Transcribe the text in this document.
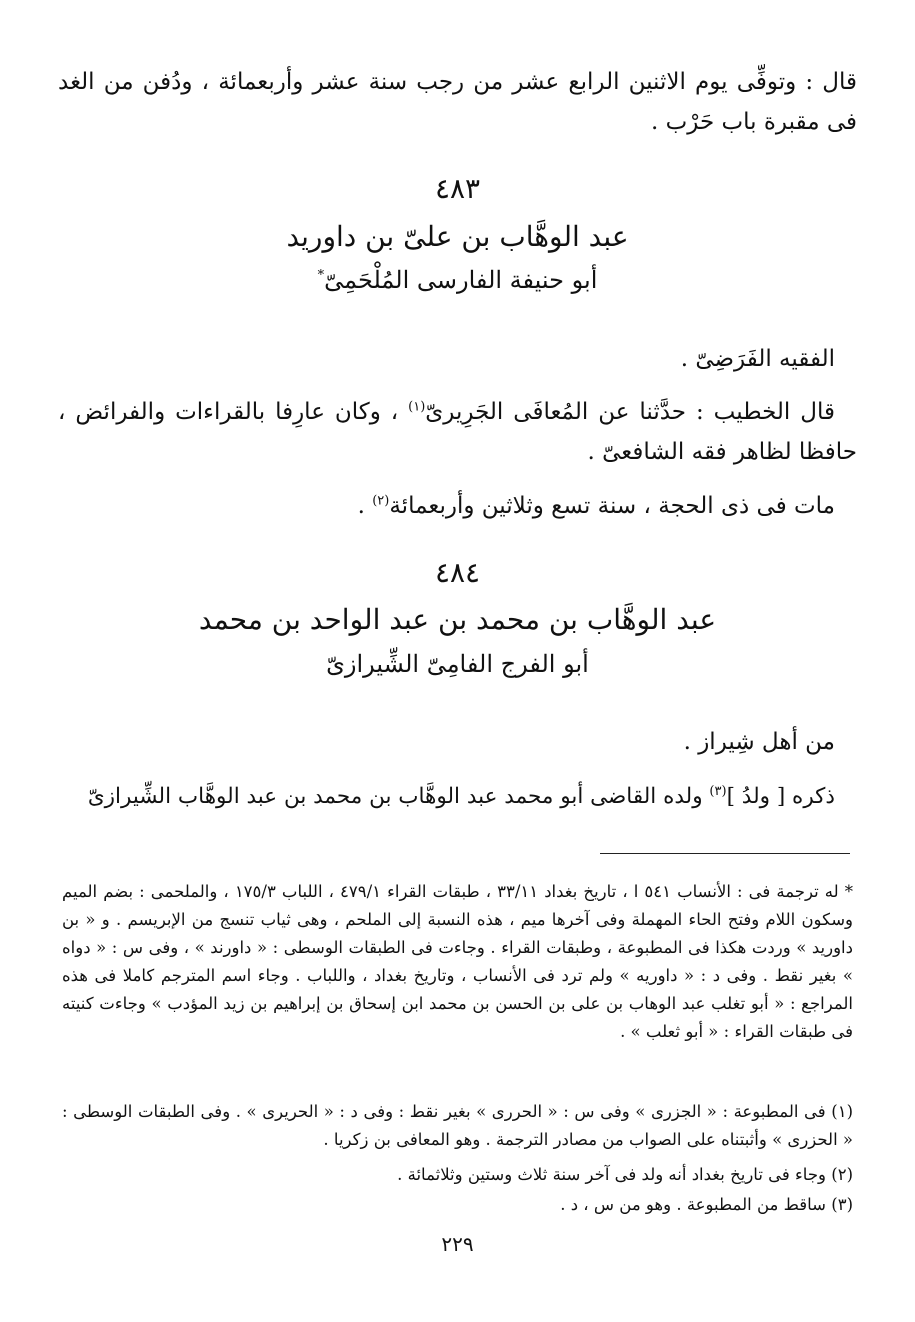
قال : وتوفِّى يوم الاثنين الرابع عشر من رجب سنة عشر وأربعمائة ، ودُفن من الغد فى مقبرة باب حَرْب .

٤٨٣
عبد الوهَّاب بن علىّ بن داوريد
أبو حنيفة الفارسى المُلْحَمِىّ*

الفقيه الفَرَضِىّ .

قال الخطيب : حدَّثنا عن المُعافَى الجَرِيرىّ$^{(١)}$ ، وكان عارِفا بالقراءات والفرائض ، حافظا لظاهر فقه الشافعىّ .

مات فى ذى الحجة ، سنة تسع وثلاثين وأربعمائة$^{(٢)}$ .

٤٨٤
عبد الوهَّاب بن محمد بن عبد الواحد بن محمد
أبو الفرج الفامِىّ الشِّيرازىّ

من أهل شِيراز .

ذكره [ ولدُ ]$^{(٣)}$ ولده القاضى أبو محمد عبد الوهَّاب بن محمد بن عبد الوهَّاب الشِّيرازىّ

* له ترجمة فى : الأنساب ٥٤١ ا ، تاريخ بغداد ٣٣/١١ ، طبقات القراء ٤٧٩/١ ، اللباب ١٧٥/٣ ، والملحمى : بضم الميم وسكون اللام وفتح الحاء المهملة وفى آخرها ميم ، هذه النسبة إلى الملحم ، وهى ثياب تنسج من الإبريسم . و « بن داوريد » وردت هكذا فى المطبوعة ، وطبقات القراء . وجاءت فى الطبقات الوسطى : « داورند » ، وفى س : « دواه » بغير نقط . وفى د : « داوريه » ولم ترد فى الأنساب ، وتاريخ بغداد ، واللباب . وجاء اسم المترجم كاملا فى هذه المراجع : « أبو تغلب عبد الوهاب بن على بن الحسن بن محمد ابن إسحاق بن إبراهيم بن زيد المؤدب » وجاءت كنيته فى طبقات القراء : « أبو ثعلب » .

(١) فى المطبوعة : « الجزرى » وفى س : « الحررى » بغير نقط : وفى د : « الحريرى » . وفى الطبقات الوسطى : « الحزرى » وأثبتناه على الصواب من مصادر الترجمة . وهو المعافى بن زكريا .

(٢) وجاء فى تاريخ بغداد أنه ولد فى آخر سنة ثلاث وستين وثلاثمائة .

(٣) ساقط من المطبوعة . وهو من س ، د .

٢٢٩
